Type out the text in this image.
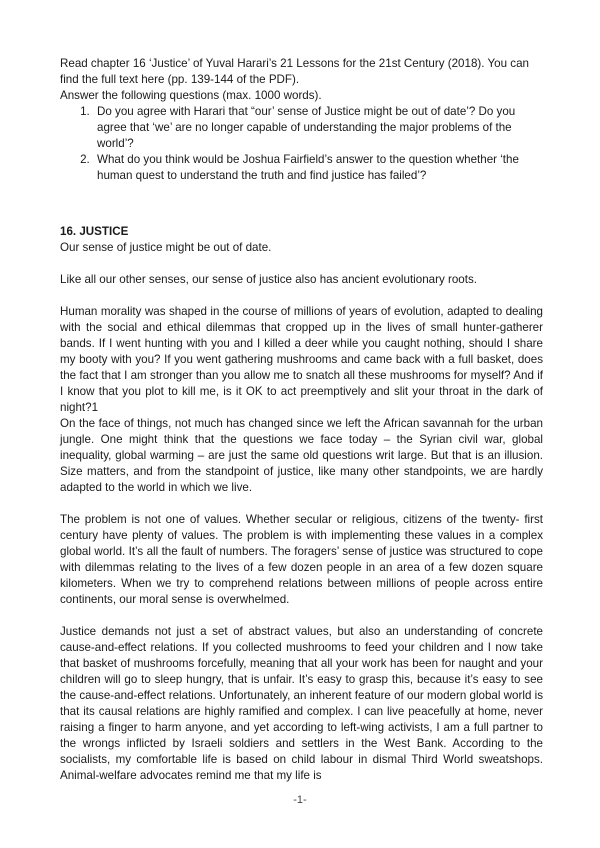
Read chapter 16 ‘Justice’ of Yuval Harari’s 21 Lessons for the 21st Century (2018). You can find the full text here (pp. 139-144 of the PDF).

Answer the following questions (max. 1000 words).

1. Do you agree with Harari that “our’ sense of Justice might be out of date’? Do you agree that ‘we’ are no longer capable of understanding the major problems of the world’?
2. What do you think would be Joshua Fairfield’s answer to the question whether ‘the human quest to understand the truth and find justice has failed’?

16. JUSTICE

Our sense of justice might be out of date.

Like all our other senses, our sense of justice also has ancient evolutionary roots.

Human morality was shaped in the course of millions of years of evolution, adapted to dealing with the social and ethical dilemmas that cropped up in the lives of small hunter-gatherer bands. If I went hunting with you and I killed a deer while you caught nothing, should I share my booty with you? If you went gathering mushrooms and came back with a full basket, does the fact that I am stronger than you allow me to snatch all these mushrooms for myself? And if I know that you plot to kill me, is it OK to act preemptively and slit your throat in the dark of night?1

On the face of things, not much has changed since we left the African savannah for the urban jungle. One might think that the questions we face today – the Syrian civil war, global inequality, global warming – are just the same old questions writ large. But that is an illusion. Size matters, and from the standpoint of justice, like many other standpoints, we are hardly adapted to the world in which we live.

The problem is not one of values. Whether secular or religious, citizens of the twenty- first century have plenty of values. The problem is with implementing these values in a complex global world. It’s all the fault of numbers. The foragers’ sense of justice was structured to cope with dilemmas relating to the lives of a few dozen people in an area of a few dozen square kilometers. When we try to comprehend relations between millions of people across entire continents, our moral sense is overwhelmed.

Justice demands not just a set of abstract values, but also an understanding of concrete cause-and-effect relations. If you collected mushrooms to feed your children and I now take that basket of mushrooms forcefully, meaning that all your work has been for naught and your children will go to sleep hungry, that is unfair. It’s easy to grasp this, because it’s easy to see the cause-and-effect relations. Unfortunately, an inherent feature of our modern global world is that its causal relations are highly ramified and complex. I can live peacefully at home, never raising a finger to harm anyone, and yet according to left-wing activists, I am a full partner to the wrongs inflicted by Israeli soldiers and settlers in the West Bank. According to the socialists, my comfortable life is based on child labour in dismal Third World sweatshops. Animal-welfare advocates remind me that my life is

-1-
